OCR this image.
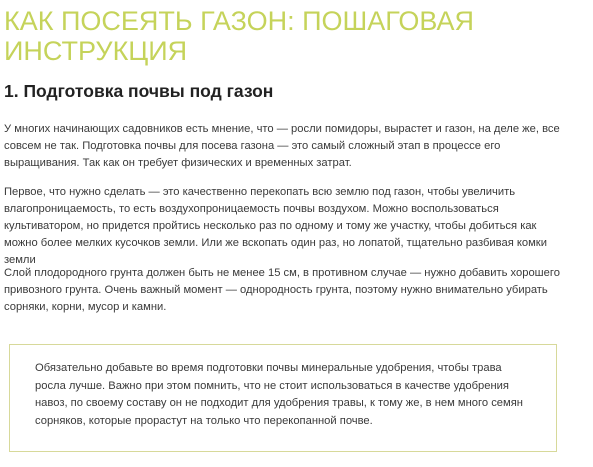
КАК ПОСЕЯТЬ ГАЗОН: ПОШАГОВАЯ ИНСТРУКЦИЯ
1. Подготовка почвы под газон

У многих начинающих садовников есть мнение, что — росли помидоры, вырастет и газон, на деле же, все совсем не так. Подготовка почвы для посева газона — это самый сложный этап в процессе его выращивания. Так как он требует физических и временных затрат.

Первое, что нужно сделать — это качественно перекопать всю землю под газон, чтобы увеличить влагопроницаемость, то есть воздухопроницаемость почвы воздухом. Можно воспользоваться культиватором, но придется пройтись несколько раз по одному и тому же участку, чтобы добиться как можно более мелких кусочков земли. Или же вскопать один раз, но лопатой, тщательно разбивая комки земли

Слой плодородного грунта должен быть не менее 15 см, в противном случае — нужно добавить хорошего привозного грунта. Очень важный момент — однородность грунта, поэтому нужно внимательно убирать сорняки, корни, мусор и камни.

Обязательно добавьте во время подготовки почвы минеральные удобрения, чтобы трава росла лучше. Важно при этом помнить, что не стоит использоваться в качестве удобрения навоз, по своему составу он не подходит для удобрения травы, к тому же, в нем много семян сорняков, которые прорастут на только что перекопанной почве.
